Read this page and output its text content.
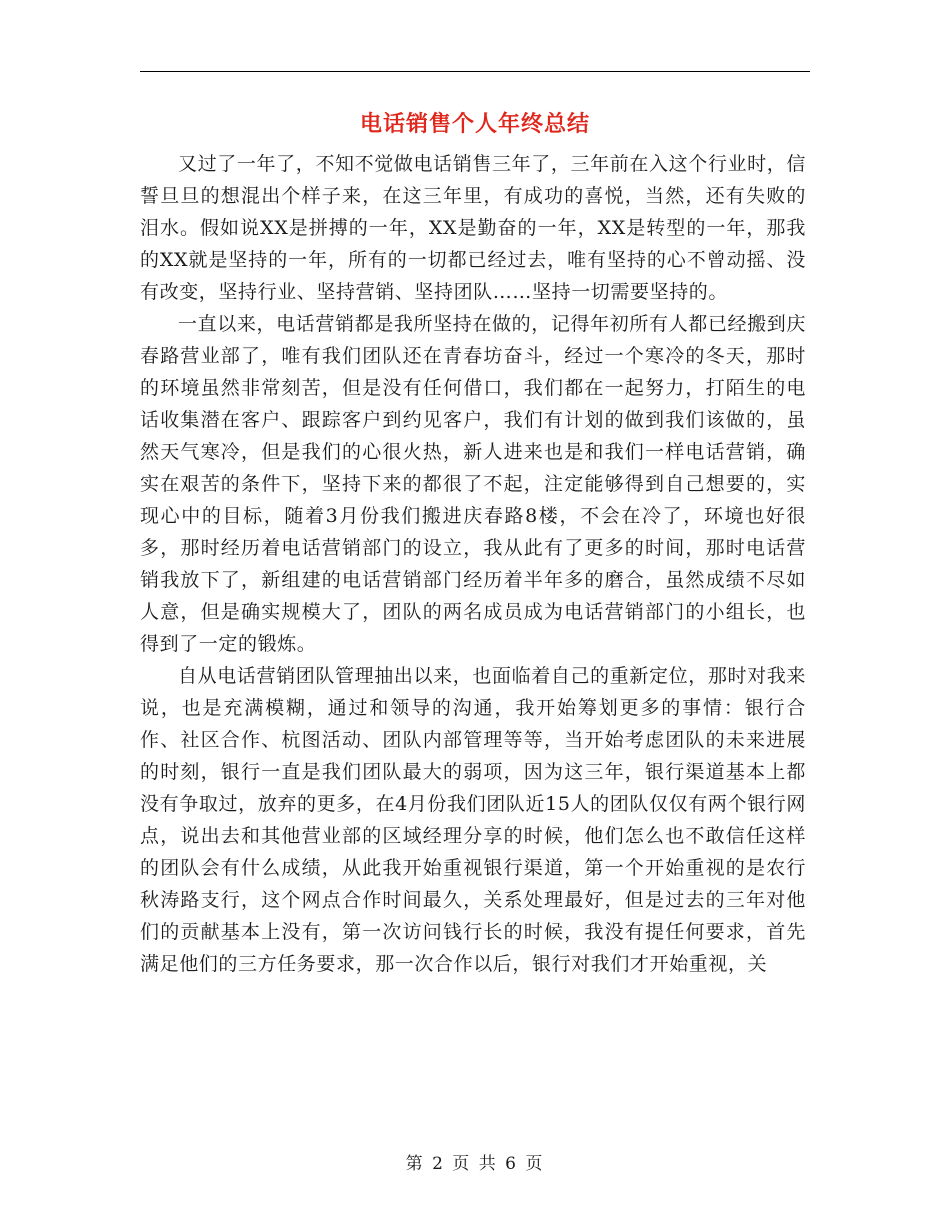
电话销售个人年终总结

又过了一年了，不知不觉做电话销售三年了，三年前在入这个行业时，信誓旦旦的想混出个样子来，在这三年里，有成功的喜悦，当然，还有失败的泪水。假如说XX是拼搏的一年，XX是勤奋的一年，XX是转型的一年，那我的XX就是坚持的一年，所有的一切都已经过去，唯有坚持的心不曾动摇、没有改变，坚持行业、坚持营销、坚持团队……坚持一切需要坚持的。

一直以来，电话营销都是我所坚持在做的，记得年初所有人都已经搬到庆春路营业部了，唯有我们团队还在青春坊奋斗，经过一个寒冷的冬天，那时的环境虽然非常刻苦，但是没有任何借口，我们都在一起努力，打陌生的电话收集潜在客户、跟踪客户到约见客户，我们有计划的做到我们该做的，虽然天气寒冷，但是我们的心很火热，新人进来也是和我们一样电话营销，确实在艰苦的条件下，坚持下来的都很了不起，注定能够得到自己想要的，实现心中的目标，随着3月份我们搬进庆春路8楼，不会在冷了，环境也好很多，那时经历着电话营销部门的设立，我从此有了更多的时间，那时电话营销我放下了，新组建的电话营销部门经历着半年多的磨合，虽然成绩不尽如人意，但是确实规模大了，团队的两名成员成为电话营销部门的小组长，也得到了一定的锻炼。

自从电话营销团队管理抽出以来，也面临着自己的重新定位，那时对我来说，也是充满模糊，通过和领导的沟通，我开始筹划更多的事情：银行合作、社区合作、杭图活动、团队内部管理等等，当开始考虑团队的未来进展的时刻，银行一直是我们团队最大的弱项，因为这三年，银行渠道基本上都没有争取过，放弃的更多，在4月份我们团队近15人的团队仅仅有两个银行网点，说出去和其他营业部的区域经理分享的时候，他们怎么也不敢信任这样的团队会有什么成绩，从此我开始重视银行渠道，第一个开始重视的是农行秋涛路支行，这个网点合作时间最久，关系处理最好，但是过去的三年对他们的贡献基本上没有，第一次访问钱行长的时候，我没有提任何要求，首先满足他们的三方任务要求，那一次合作以后，银行对我们才开始重视，关

第 2 页 共 6 页
